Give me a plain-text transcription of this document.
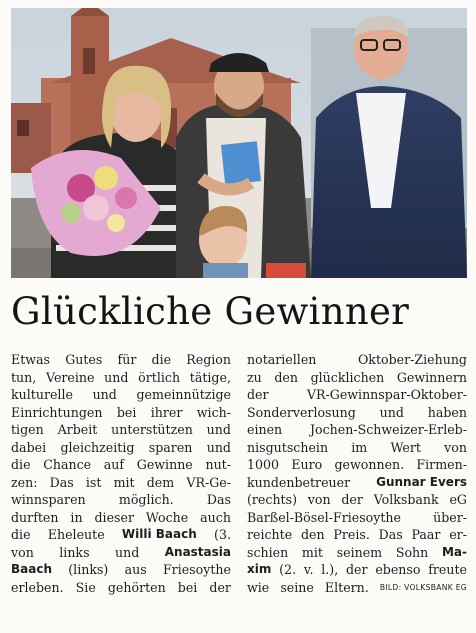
Glückliche Gewinner
Etwas Gutes für die Region
tun, Vereine und örtlich tätige,
kulturelle und gemeinnützige
Einrichtungen bei ihrer wich-
tigen Arbeit unterstützen und
dabei gleichzeitig sparen und
die Chance auf Gewinne nut-
zen: Das ist mit dem VR-Ge-
winnsparen	möglich.	Das
durften in dieser Woche auch
die Eheleute Willi Baach (3.
von links und Anastasia
Baach (links) aus Friesoythe
erleben. Sie gehörten bei der
notariellen	Oktober-Ziehung
zu den glücklichen Gewinnern
der	VR-Gewinnspar-Oktober-
Sonderverlosung und haben
einen Jochen-Schweizer-Erleb-
nisgutschein im Wert von
1000 Euro gewonnen. Firmen-
kundenbetreuer Gunnar Evers
(rechts) von der Volksbank eG
Barßel-Bösel-Friesoythe	über-
reichte den Preis. Das Paar er-
schien mit seinem Sohn Ma-
xim (2. v. l.), der ebenso freute
wie seine Eltern. BILD: VOLKSBANK EG
